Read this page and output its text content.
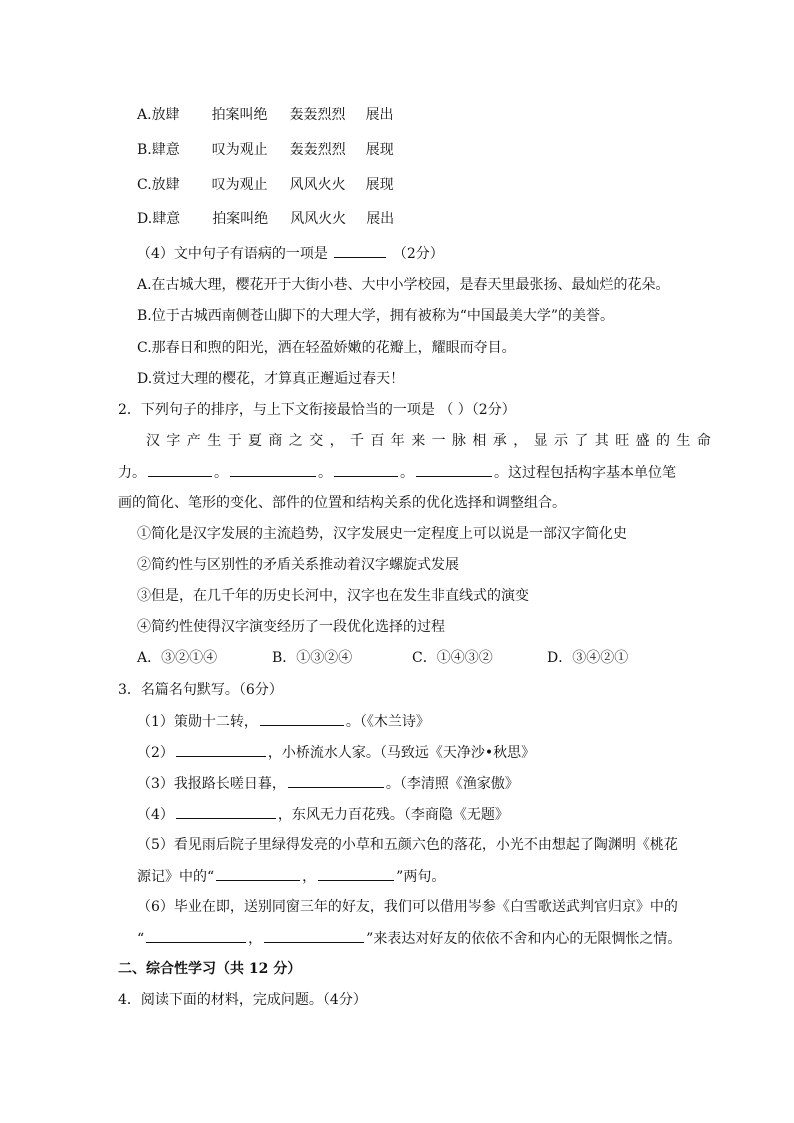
A.放肆 拍案叫绝 轰轰烈烈 展出
B.肆意 叹为观止 轰轰烈烈 展现
C.放肆 叹为观止 风风火火 展现
D.肆意 拍案叫绝 风风火火 展出
（4）文中句子有语病的一项是	（2分）
A.在古城大理，樱花开于大街小巷、大中小学校园，是春天里最张扬、最灿烂的花朵。
B.位于古城西南侧苍山脚下的大理大学，拥有被称为“中国最美大学”的美誉。
C.那春日和煦的阳光，洒在轻盈娇嫩的花瓣上，耀眼而夺目。
D.赏过大理的樱花，才算真正邂逅过春天！
2．下列句子的排序，与上下文衔接最恰当的一项是 （ ）（2分）
汉字产生于夏商之交，千百年来一脉相承，显示了其旺盛的生命
力。	。	。	。	。这过程包括构字基本单位笔
画的简化、笔形的变化、部件的位置和结构关系的优化选择和调整组合。
①简化是汉字发展的主流趋势，汉字发展史一定程度上可以说是一部汉字简化史
②简约性与区别性的矛盾关系推动着汉字螺旋式发展
③但是，在几千年的历史长河中，汉字也在发生非直线式的演变
④简约性使得汉字演变经历了一段优化选择的过程
A．③②①④	B．①③②④	C．①④③②	D．③④②①
3．名篇名句默写。（6分）
（1）策勋十二转，	。（《木兰诗》
（2）	，小桥流水人家。（马致远《天净沙•秋思》
（3）我报路长嗟日暮，	。（李清照《渔家傲》
（4）	，东风无力百花残。（李商隐《无题》
（5）看见雨后院子里绿得发亮的小草和五颜六色的落花，小光不由想起了陶渊明《桃花
源记》中的“	，	”两句。
（6）毕业在即，送别同窗三年的好友，我们可以借用岑参《白雪歌送武判官归京》中的
“	，	”来表达对好友的依依不舍和内心的无限惆怅之情。
二、综合性学习（共 12 分）
4．阅读下面的材料，完成问题。（4分）
